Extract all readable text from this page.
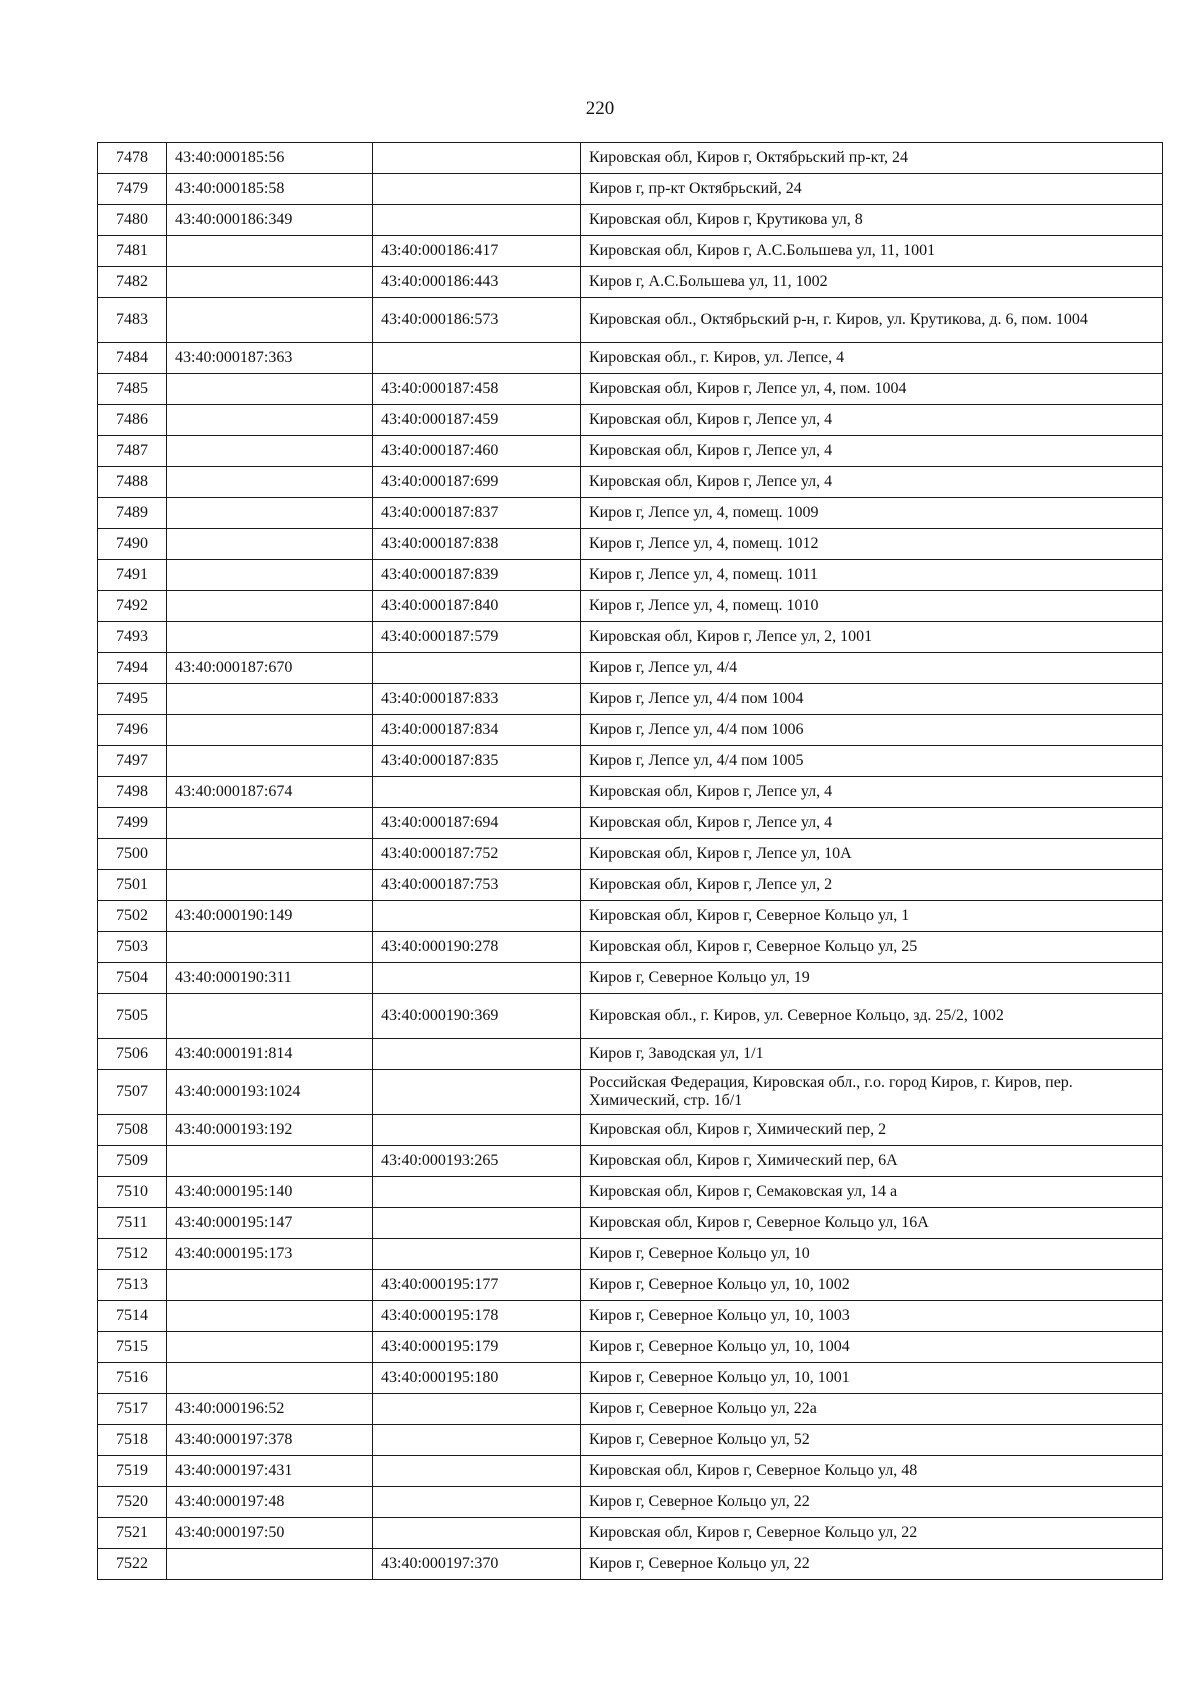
220
7478	43:40:000185:56		Кировская обл, Киров г, Октябрьский пр-кт, 24
7479	43:40:000185:58		Киров г, пр-кт Октябрьский, 24
7480	43:40:000186:349		Кировская обл, Киров г, Крутикова ул, 8
7481		43:40:000186:417	Кировская обл, Киров г, А.С.Большева ул, 11, 1001
7482		43:40:000186:443	Киров г, А.С.Большева ул, 11, 1002
7483		43:40:000186:573	Кировская обл., Октябрьский р-н, г. Киров, ул. Крутикова, д. 6, пом. 1004
7484	43:40:000187:363		Кировская обл., г. Киров, ул. Лепсе, 4
7485		43:40:000187:458	Кировская обл, Киров г, Лепсе ул, 4, пом. 1004
7486		43:40:000187:459	Кировская обл, Киров г, Лепсе ул, 4
7487		43:40:000187:460	Кировская обл, Киров г, Лепсе ул, 4
7488		43:40:000187:699	Кировская обл, Киров г, Лепсе ул, 4
7489		43:40:000187:837	Киров г, Лепсе ул, 4, помещ. 1009
7490		43:40:000187:838	Киров г, Лепсе ул, 4, помещ. 1012
7491		43:40:000187:839	Киров г, Лепсе ул, 4, помещ. 1011
7492		43:40:000187:840	Киров г, Лепсе ул, 4, помещ. 1010
7493		43:40:000187:579	Кировская обл, Киров г, Лепсе ул, 2, 1001
7494	43:40:000187:670		Киров г, Лепсе ул, 4/4
7495		43:40:000187:833	Киров г, Лепсе ул, 4/4 пом 1004
7496		43:40:000187:834	Киров г, Лепсе ул, 4/4 пом 1006
7497		43:40:000187:835	Киров г, Лепсе ул, 4/4 пом 1005
7498	43:40:000187:674		Кировская обл, Киров г, Лепсе ул, 4
7499		43:40:000187:694	Кировская обл, Киров г, Лепсе ул, 4
7500		43:40:000187:752	Кировская обл, Киров г, Лепсе ул, 10А
7501		43:40:000187:753	Кировская обл, Киров г, Лепсе ул, 2
7502	43:40:000190:149		Кировская обл, Киров г, Северное Кольцо ул, 1
7503		43:40:000190:278	Кировская обл, Киров г, Северное Кольцо ул, 25
7504	43:40:000190:311		Киров г, Северное Кольцо ул, 19
7505		43:40:000190:369	Кировская обл., г. Киров, ул. Северное Кольцо, зд. 25/2, 1002
7506	43:40:000191:814		Киров г, Заводская ул, 1/1
7507	43:40:000193:1024		Российская Федерация, Кировская обл., г.о. город Киров, г. Киров, пер. Химический, стр. 1б/1
7508	43:40:000193:192		Кировская обл, Киров г, Химический пер, 2
7509		43:40:000193:265	Кировская обл, Киров г, Химический пер, 6А
7510	43:40:000195:140		Кировская обл, Киров г, Семаковская ул, 14 а
7511	43:40:000195:147		Кировская обл, Киров г, Северное Кольцо ул, 16А
7512	43:40:000195:173		Киров г, Северное Кольцо ул, 10
7513		43:40:000195:177	Киров г, Северное Кольцо ул, 10, 1002
7514		43:40:000195:178	Киров г, Северное Кольцо ул, 10, 1003
7515		43:40:000195:179	Киров г, Северное Кольцо ул, 10, 1004
7516		43:40:000195:180	Киров г, Северное Кольцо ул, 10, 1001
7517	43:40:000196:52		Киров г, Северное Кольцо ул, 22а
7518	43:40:000197:378		Киров г, Северное Кольцо ул, 52
7519	43:40:000197:431		Кировская обл, Киров г, Северное Кольцо ул, 48
7520	43:40:000197:48		Киров г, Северное Кольцо ул, 22
7521	43:40:000197:50		Кировская обл, Киров г, Северное Кольцо ул, 22
7522		43:40:000197:370	Киров г, Северное Кольцо ул, 22
